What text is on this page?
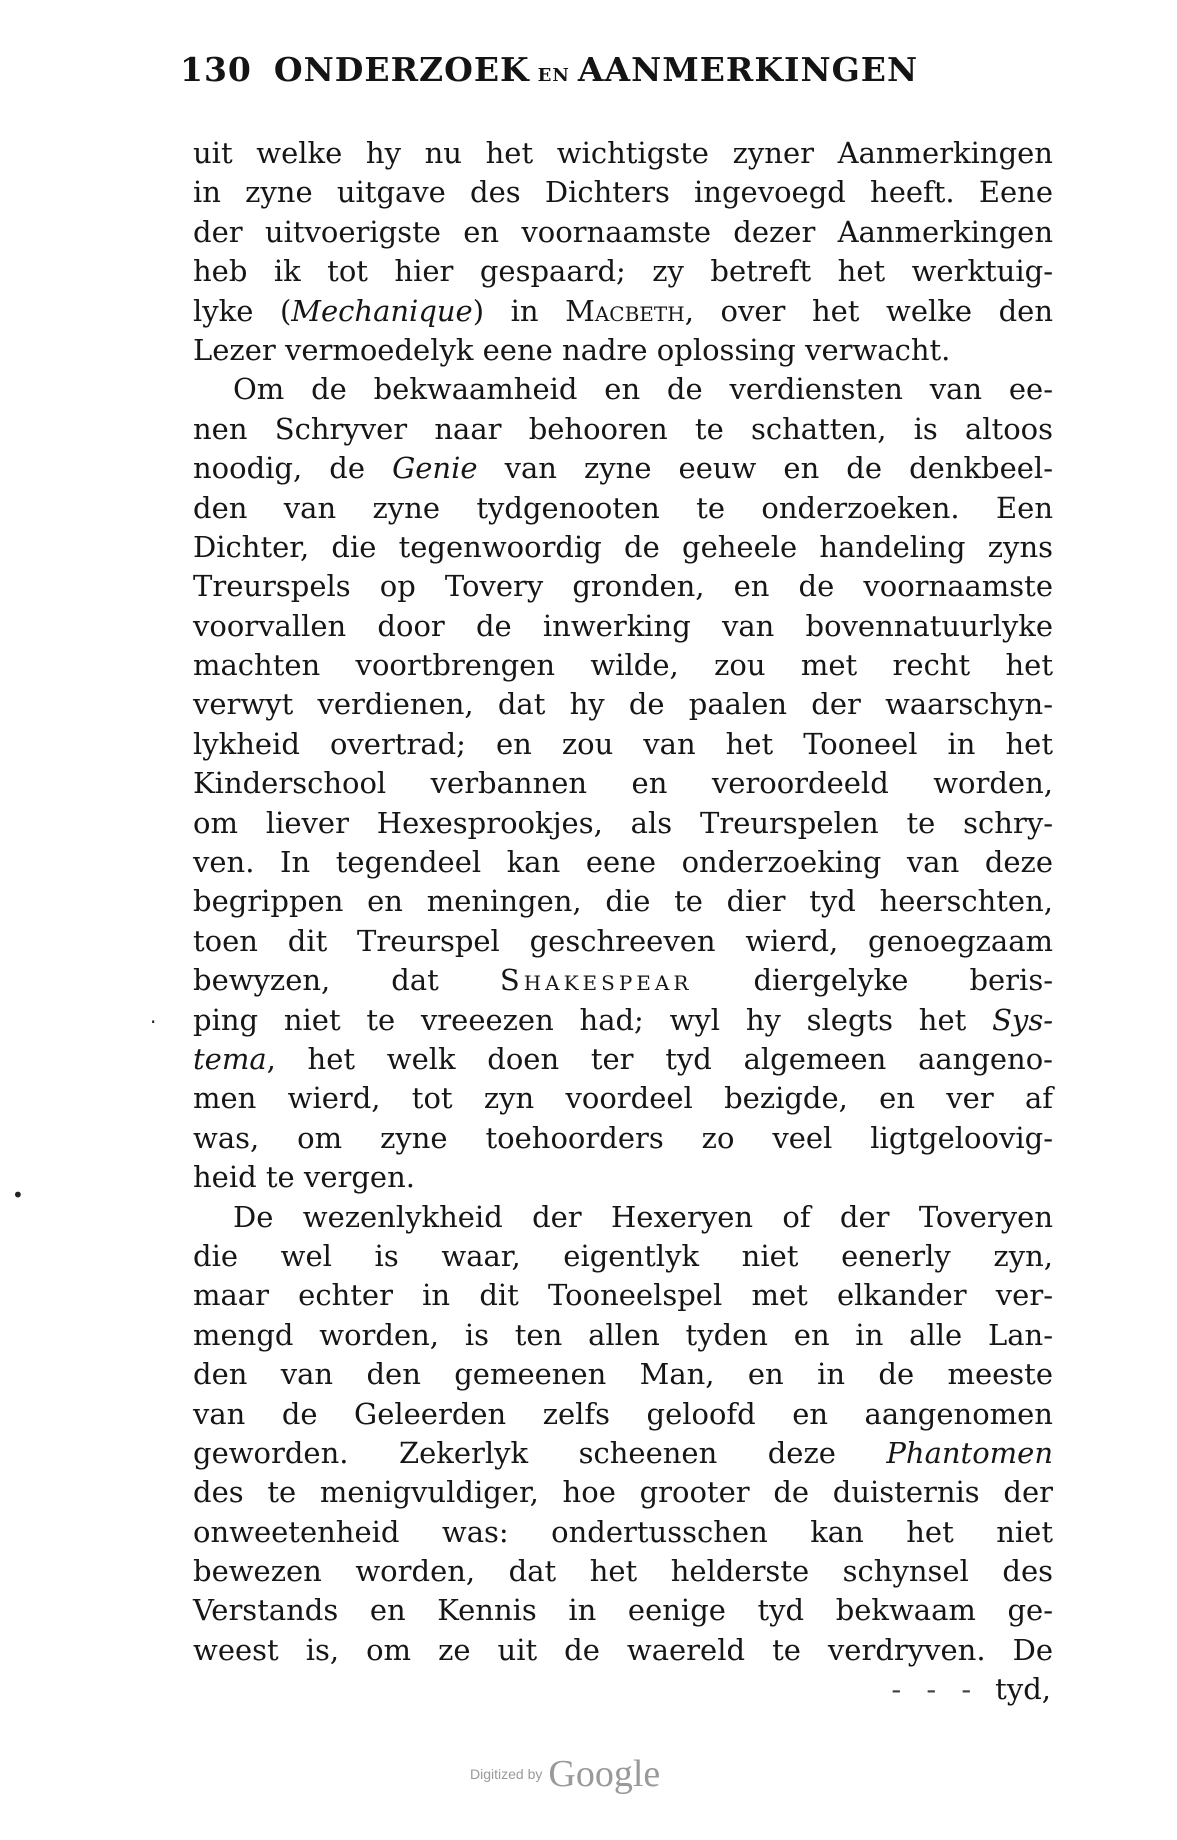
130 ONDERZOEK EN AANMERKINGEN
uit welke hy nu het wichtigste zyner Aanmerkingen
in zyne uitgave des Dichters ingevoegd heeft. Eene
der uitvoerigste en voornaamste dezer Aanmerkingen
heb ik tot hier gespaard; zy betreft het werktuig-
lyke (Mechanique) in Macbeth, over het welke den
Lezer vermoedelyk eene nadre oplossing verwacht.
Om de bekwaamheid en de verdiensten van ee-
nen Schryver naar behooren te schatten, is altoos
noodig, de Genie van zyne eeuw en de denkbeel-
den van zyne tydgenooten te onderzoeken. Een
Dichter, die tegenwoordig de geheele handeling zyns
Treurspels op Tovery gronden, en de voornaamste
voorvallen door de inwerking van bovennatuurlyke
machten voortbrengen wilde, zou met recht het
verwyt verdienen, dat hy de paalen der waarschyn-
lykheid overtrad; en zou van het Tooneel in het
Kinderschool verbannen en veroordeeld worden,
om liever Hexesprookjes, als Treurspelen te schry-
ven. In tegendeel kan eene onderzoeking van deze
begrippen en meningen, die te dier tyd heerschten,
toen dit Treurspel geschreeven wierd, genoegzaam
bewyzen, dat Shakespear diergelyke beris-
ping niet te vreeezen had; wyl hy slegts het Sys-
tema, het welk doen ter tyd algemeen aangeno-
men wierd, tot zyn voordeel bezigde, en ver af
was, om zyne toehoorders zo veel ligtgeloovig-
heid te vergen.
De wezenlykheid der Hexeryen of der Toveryen
die wel is waar, eigentlyk niet eenerly zyn,
maar echter in dit Tooneelspel met elkander ver-
mengd worden, is ten allen tyden en in alle Lan-
den van den gemeenen Man, en in de meeste
van de Geleerden zelfs geloofd en aangenomen
geworden. Zekerlyk scheenen deze Phantomen
des te menigvuldiger, hoe grooter de duisternis der
onweetenheid was: ondertusschen kan het niet
bewezen worden, dat het helderste schynsel des
Verstands en Kennis in eenige tyd bekwaam ge-
weest is, om ze uit de waereld te verdryven. De
- - - tyd,
•
·
Digitized by Google
